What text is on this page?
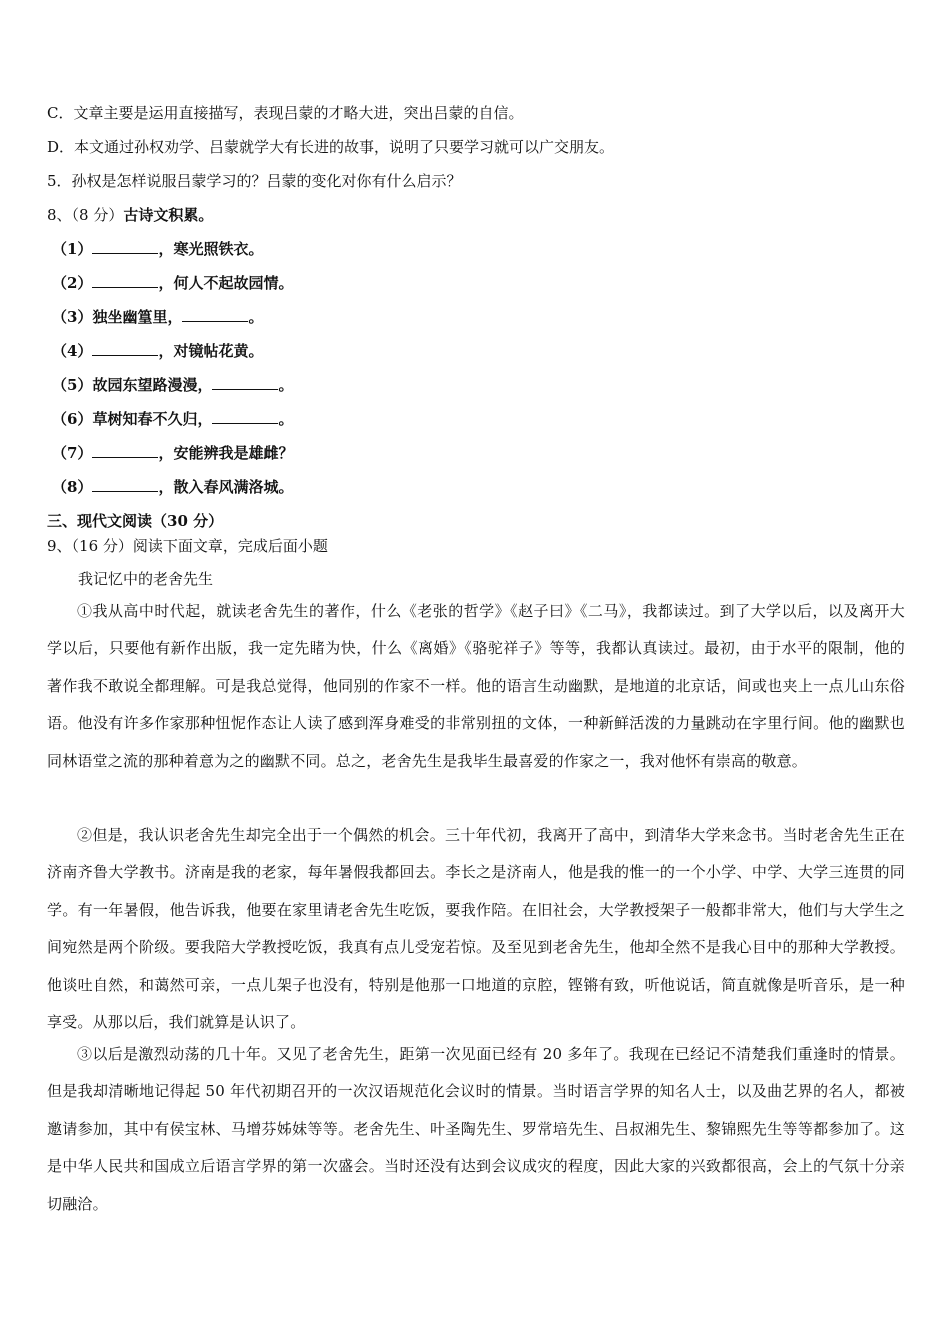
C．文章主要是运用直接描写，表现吕蒙的才略大进，突出吕蒙的自信。
D．本文通过孙权劝学、吕蒙就学大有长进的故事，说明了只要学习就可以广交朋友。
5．孙权是怎样说服吕蒙学习的？吕蒙的变化对你有什么启示？
8、（8 分）古诗文积累。
（1）	，寒光照铁衣。
（2）	，何人不起故园情。
（3）独坐幽篁里，	。
（4）	，对镜帖花黄。
（5）故园东望路漫漫，	。
（6）草树知春不久归，	。
（7）	，安能辨我是雄雌？
（8）	，散入春风满洛城。
三、现代文阅读（30 分）
9、（16 分）阅读下面文章，完成后面小题
我记忆中的老舍先生
①我从高中时代起，就读老舍先生的著作，什么《老张的哲学》《赵子曰》《二马》，我都读过。到了大学以后，以及离开大学以后，只要他有新作出版，我一定先睹为快，什么《离婚》《骆驼祥子》等等，我都认真读过。最初，由于水平的限制，他的著作我不敢说全都理解。可是我总觉得，他同别的作家不一样。他的语言生动幽默，是地道的北京话，间或也夹上一点儿山东俗语。他没有许多作家那种忸怩作态让人读了感到浑身难受的非常别扭的文体，一种新鲜活泼的力量跳动在字里行间。他的幽默也同林语堂之流的那种着意为之的幽默不同。总之，老舍先生是我毕生最喜爱的作家之一，我对他怀有崇高的敬意。
②但是，我认识老舍先生却完全出于一个偶然的机会。三十年代初，我离开了高中，到清华大学来念书。当时老舍先生正在济南齐鲁大学教书。济南是我的老家，每年暑假我都回去。李长之是济南人，他是我的惟一的一个小学、中学、大学三连贯的同学。有一年暑假，他告诉我，他要在家里请老舍先生吃饭，要我作陪。在旧社会，大学教授架子一般都非常大，他们与大学生之间宛然是两个阶级。要我陪大学教授吃饭，我真有点儿受宠若惊。及至见到老舍先生，他却全然不是我心目中的那种大学教授。他谈吐自然，和蔼然可亲，一点儿架子也没有，特别是他那一口地道的京腔，铿锵有致，听他说话，简直就像是听音乐，是一种享受。从那以后，我们就算是认识了。
③以后是激烈动荡的几十年。又见了老舍先生，距第一次见面已经有 20 多年了。我现在已经记不清楚我们重逢时的情景。但是我却清晰地记得起 50 年代初期召开的一次汉语规范化会议时的情景。当时语言学界的知名人士，以及曲艺界的名人，都被邀请参加，其中有侯宝林、马增芬姊妹等等。老舍先生、叶圣陶先生、罗常培先生、吕叔湘先生、黎锦熙先生等等都参加了。这是中华人民共和国成立后语言学界的第一次盛会。当时还没有达到会议成灾的程度，因此大家的兴致都很高，会上的气氛十分亲切融洽。
